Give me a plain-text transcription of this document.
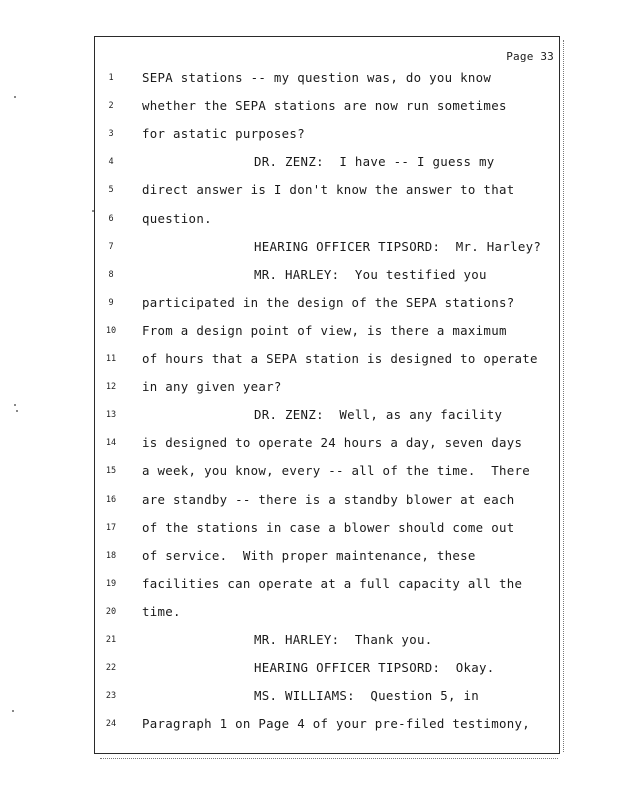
Page 33
1	SEPA stations -- my question was, do you know
2	whether the SEPA stations are now run sometimes
3	for astatic purposes?
4	DR. ZENZ:  I have -- I guess my
5	direct answer is I don't know the answer to that
6	question.
7	HEARING OFFICER TIPSORD:  Mr. Harley?
8	MR. HARLEY:  You testified you
9	participated in the design of the SEPA stations?
10	From a design point of view, is there a maximum
11	of hours that a SEPA station is designed to operate
12	in any given year?
13	DR. ZENZ:  Well, as any facility
14	is designed to operate 24 hours a day, seven days
15	a week, you know, every -- all of the time.  There
16	are standby -- there is a standby blower at each
17	of the stations in case a blower should come out
18	of service.  With proper maintenance, these
19	facilities can operate at a full capacity all the
20	time.
21	MR. HARLEY:  Thank you.
22	HEARING OFFICER TIPSORD:  Okay.
23	MS. WILLIAMS:  Question 5, in
24	Paragraph 1 on Page 4 of your pre-filed testimony,
